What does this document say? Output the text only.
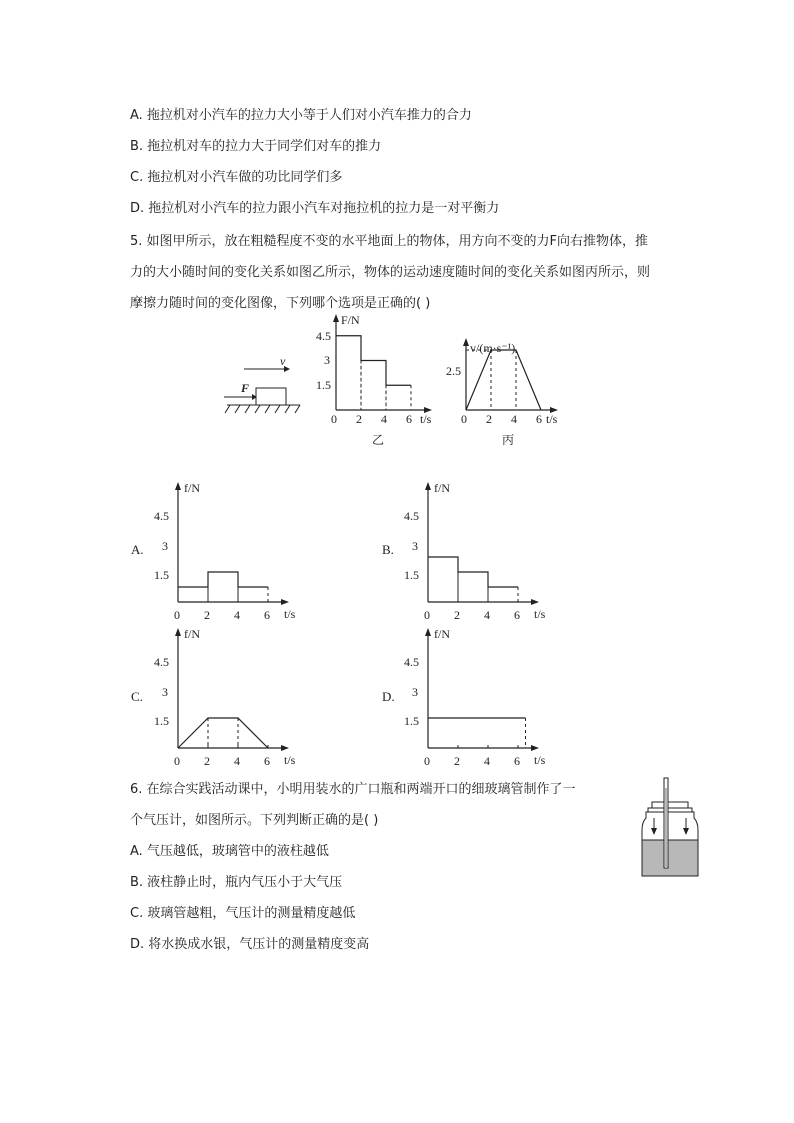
A. 拖拉机对小汽车的拉力大小等于人们对小汽车推力的合力
B. 拖拉机对车的拉力大于同学们对车的推力
C. 拖拉机对小汽车做的功比同学们多
D. 拖拉机对小汽车的拉力跟小汽车对拖拉机的拉力是一对平衡力
5. 如图甲所示，放在粗糙程度不变的水平地面上的物体，用方向不变的力F向右推物体，推
力的大小随时间的变化关系如图乙所示，物体的运动速度随时间的变化关系如图丙所示，则
摩擦力随时间的变化图像，下列哪个选项是正确的( )
v
F
F/N
t/s
4.5
3
1.5
0 2 4 6
乙
v/(m·s⁻¹)
t/s
2.5
0 2 4 6
丙
A.	B.
C.	D.
f/N
t/s
4.5
3
1.5
0 2 4 6
f/N
t/s
4.5
3
1.5
0 2 4 6
f/N
t/s
4.5
3
1.5
0 2 4 6
f/N
t/s
4.5
3
1.5
0 2 4 6
6. 在综合实践活动课中，小明用装水的广口瓶和两端开口的细玻璃管制作了一
个气压计，如图所示。下列判断正确的是( )
A. 气压越低，玻璃管中的液柱越低
B. 液柱静止时，瓶内气压小于大气压
C. 玻璃管越粗，气压计的测量精度越低
D. 将水换成水银，气压计的测量精度变高
